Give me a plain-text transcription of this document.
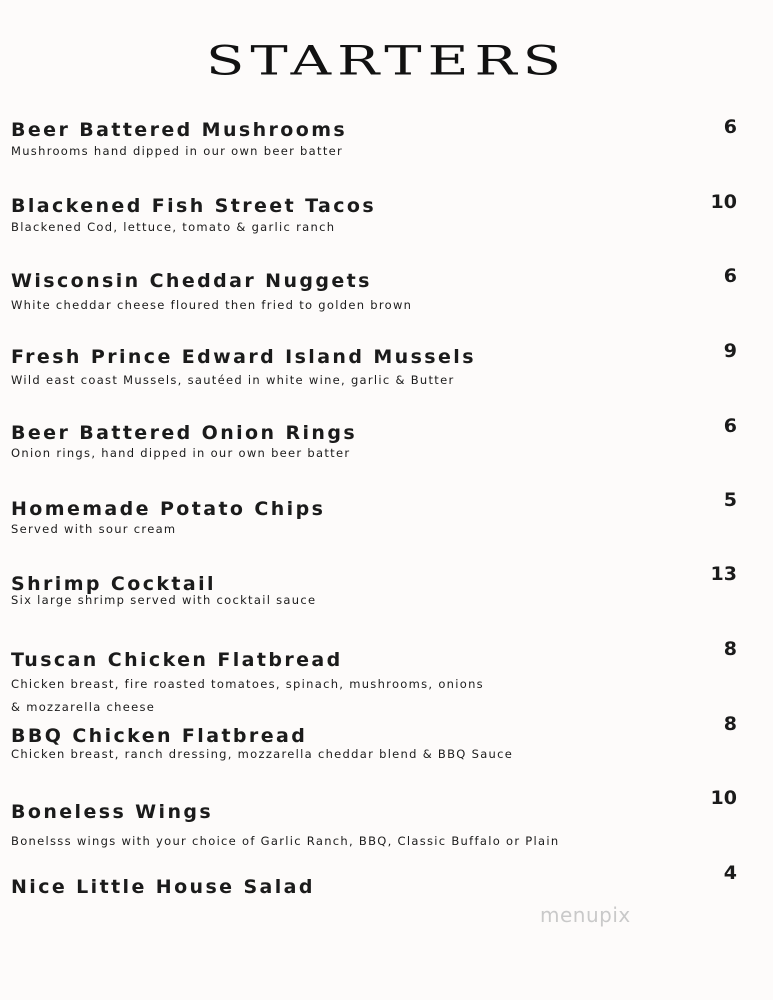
STARTERS
Beer Battered Mushrooms
Mushrooms hand dipped in our own beer batter
6
Blackened Fish Street Tacos
Blackened Cod, lettuce, tomato & garlic ranch
10
Wisconsin Cheddar Nuggets
White cheddar cheese floured then fried to golden brown
6
Fresh Prince Edward Island Mussels
Wild east coast Mussels, sautéed in white wine, garlic & Butter
9
Beer Battered Onion Rings
Onion rings, hand dipped in our own beer batter
6
Homemade Potato Chips
Served with sour cream
5
Shrimp Cocktail
Six large shrimp served with cocktail sauce
13
Tuscan Chicken Flatbread
Chicken breast, fire roasted tomatoes, spinach, mushrooms, onions
& mozzarella cheese
8
BBQ Chicken Flatbread
Chicken breast, ranch dressing, mozzarella cheddar blend & BBQ Sauce
8
Boneless Wings
Bonelsss wings with your choice of Garlic Ranch, BBQ, Classic Buffalo or Plain
10
Nice Little House Salad
4
menupix
